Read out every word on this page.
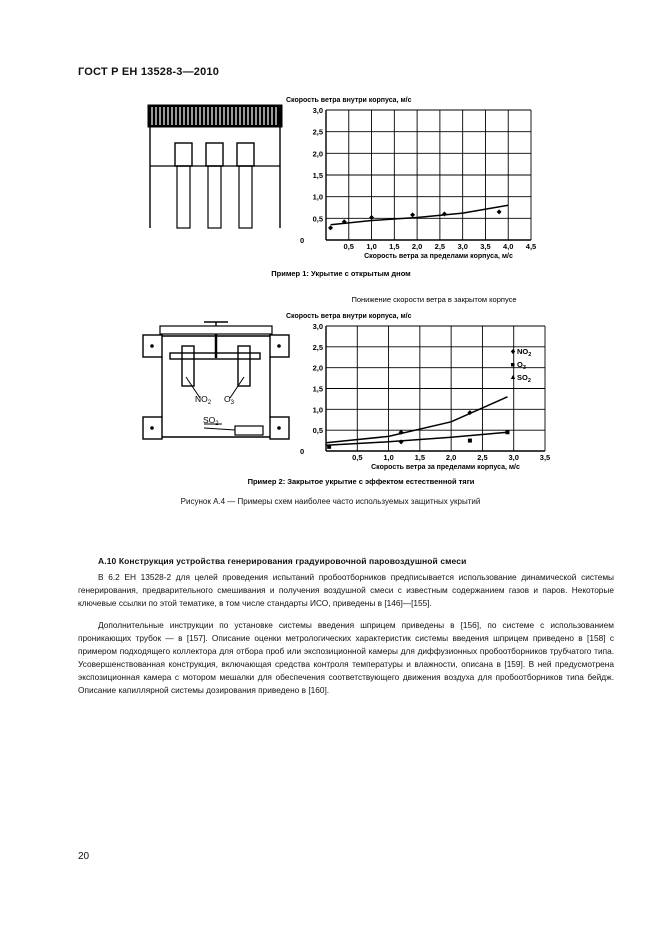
ГОСТ Р ЕН 13528-3—2010
Скорость ветра внутри корпуса, м/с
0,5 1,0 1,5 2,0 2,5 3,0 3,5 4,0 4,5
0,5
1,0
1,5
2,0
2,5
3,0
0
Скорость ветра за пределами корпуса, м/с
Пример 1: Укрытие с открытым дном
$NO_2$ $O_3$
$SO_2$
Понижение скорости ветра в закрытом корпусе
Скорость ветра внутри корпуса, м/с
0,5	1,0	1,5	2,0	2,5	3,0	3,5
0,5
1,0
1,5
2,0
2,5
3,0
0
Скорость ветра за пределами корпуса, м/с
$NO_2$
$O_3$
$SO_2$
Пример 2: Закрытое укрытие с эффектом естественной тяги
Рисунок А.4 — Примеры схем наиболее часто используемых защитных укрытий
А.10 Конструкция устройства генерирования градуировочной паровоздушной смеси

В 6.2 ЕН 13528-2 для целей проведения испытаний пробоотборников предписывается использование динамической системы генерирования, предварительного смешивания и получения воздушной смеси с известным содержанием газов и паров. Некоторые ключевые ссылки по этой тематике, в том числе стандарты ИСО, приведены в [146]—[155].

Дополнительные инструкции по установке системы введения шприцем приведены в [156], по системе с использованием проникающих трубок — в [157]. Описание оценки метрологических характеристик системы введения шприцем приведено в [158] с примером подходящего коллектора для отбора проб или экспозиционной камеры для диффузионных пробоотборников трубчатого типа. Усовершенствованная конструкция, включающая средства контроля температуры и влажности, описана в [159]. В ней предусмотрена экспозиционная камера с мотором мешалки для обеспечения соответствующего движения воздуха для пробоотборников типа бейдж. Описание капиллярной системы дозирования приведено в [160].

20
